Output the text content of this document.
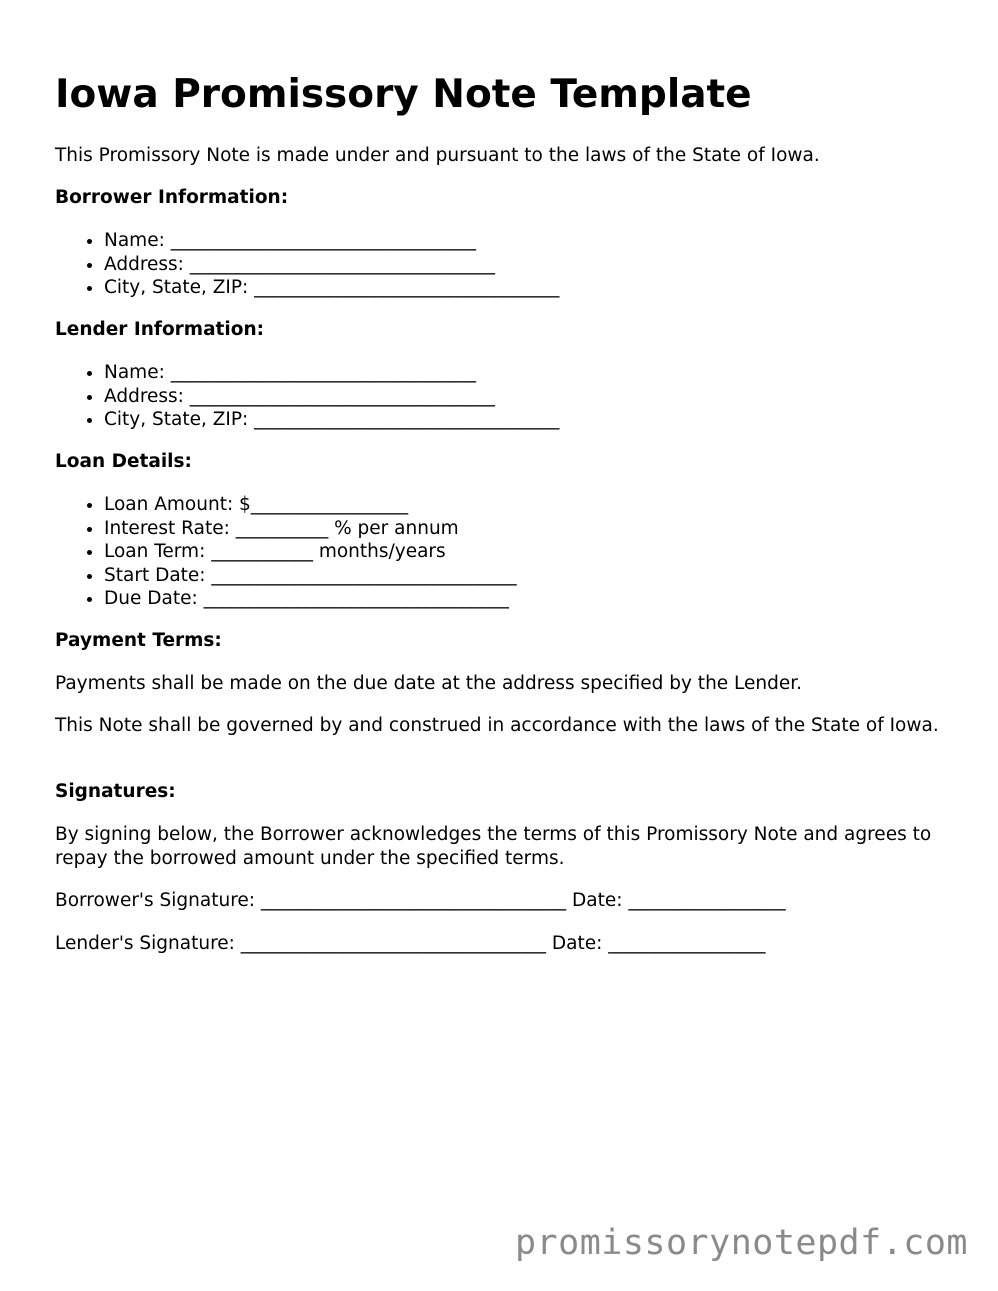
Iowa Promissory Note Template
This Promissory Note is made under and pursuant to the laws of the State of Iowa.
Borrower Information:
• Name: _________________________________
• Address: _________________________________
• City, State, ZIP: _________________________________
Lender Information:
• Name: _________________________________
• Address: _________________________________
• City, State, ZIP: _________________________________
Loan Details:
• Loan Amount: $_________________
• Interest Rate: __________ % per annum
• Loan Term: ___________ months/years
• Start Date: _________________________________
• Due Date: _________________________________
Payment Terms:
Payments shall be made on the due date at the address specified by the Lender.
This Note shall be governed by and construed in accordance with the laws of the State of Iowa.
Signatures:
By signing below, the Borrower acknowledges the terms of this Promissory Note and agrees to repay the borrowed amount under the specified terms.
Borrower's Signature: _________________________________ Date: _________________
Lender's Signature: _________________________________ Date: _________________
promissorynotepdf.com
